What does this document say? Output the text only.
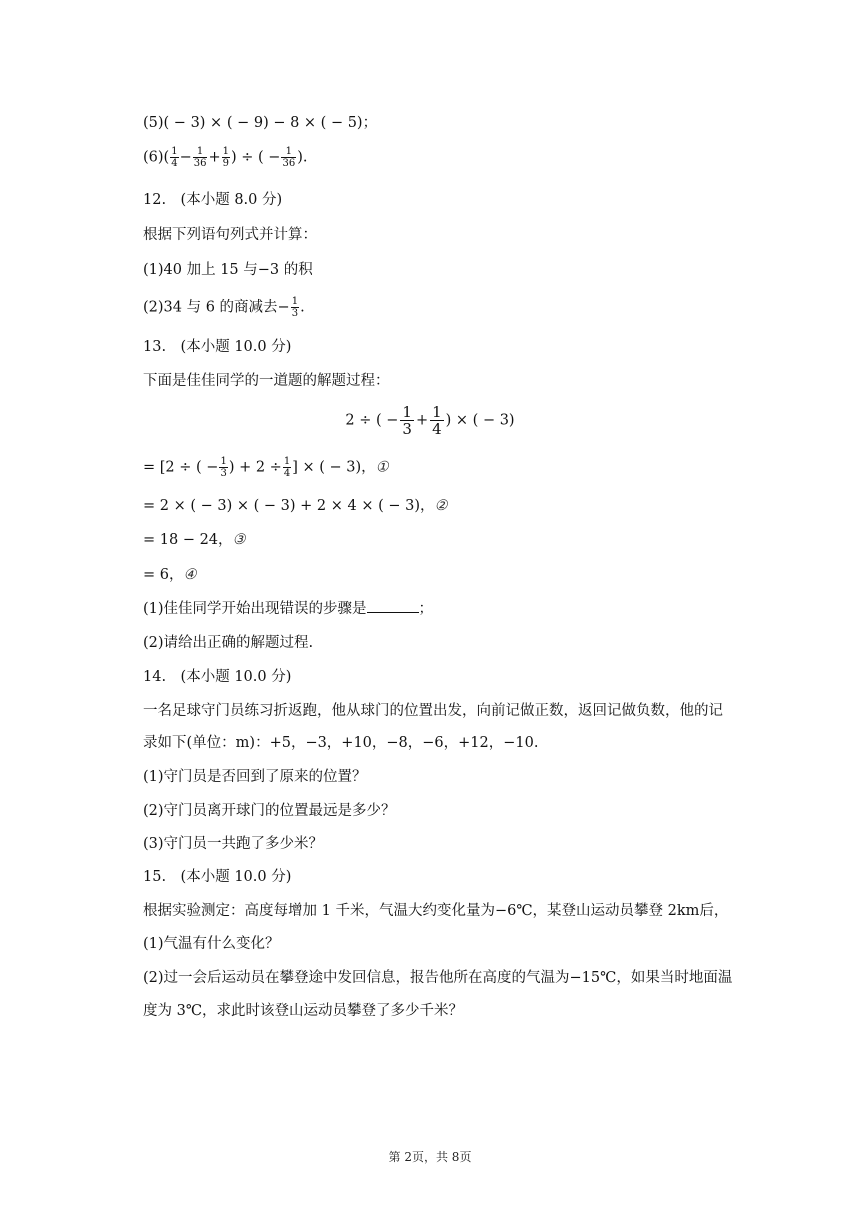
(5)( − 3) × ( − 9) − 8 × ( − 5)；
$(6)( \frac{1}{4} - \frac{1}{36} + \frac{1}{9}$ ) ÷ ( − $\frac{1}{36}$ ).
12.　(本小题 8.0 分)
根据下列语句列式并计算：
(1)40 加上 15 与−3 的积
(2)34 与 6 的商减去− $\frac{1}{3}$ .
13.　(本小题 10.0 分)
下面是佳佳同学的一道题的解题过程：
2 ÷ ( − $\frac{1}{3} + \frac{1}{4}$ ) × ( − 3)
= [2 ÷ ( − $\frac{1}{3}$ ) + $2 \div \frac{1}{4}$ ] × ( − 3)，①
= 2 × ( − 3) × ( − 3) + 2 × 4 × ( − 3)，②
= 18 − 24，③
= 6，④
(1)佳佳同学开始出现错误的步骤是	；
(2)请给出正确的解题过程.
14.　(本小题 10.0 分)
一名足球守门员练习折返跑，他从球门的位置出发，向前记做正数，返回记做负数，他的记
录如下(单位：m)：+5，−3，+10，−8，−6，+12，−10.
(1)守门员是否回到了原来的位置？
(2)守门员离开球门的位置最远是多少？
(3)守门员一共跑了多少米？
15.　(本小题 10.0 分)
根据实验测定：高度每增加 1 千米，气温大约变化量为−6℃，某登山运动员攀登 2km后，
(1)气温有什么变化？
(2)过一会后运动员在攀登途中发回信息，报告他所在高度的气温为−15℃，如果当时地面温
度为 3℃，求此时该登山运动员攀登了多少千米？
第 2页，共 8页
